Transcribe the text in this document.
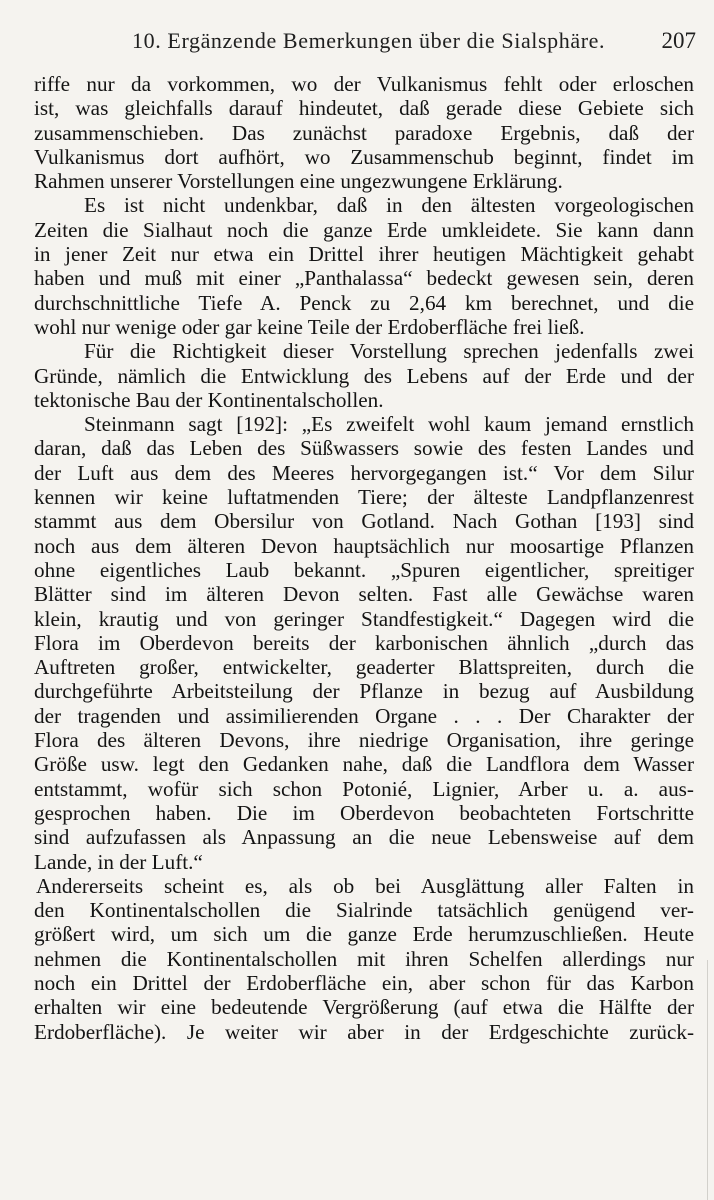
10. Ergänzende Bemerkungen über die Sialsphäre. 207
riffe nur da vorkommen, wo der Vulkanismus fehlt oder erloschen
ist, was gleichfalls darauf hindeutet, daß gerade diese Gebiete sich
zusammenschieben. Das zunächst paradoxe Ergebnis, daß der
Vulkanismus dort aufhört, wo Zusammenschub beginnt, findet im
Rahmen unserer Vorstellungen eine ungezwungene Erklärung.
Es ist nicht undenkbar, daß in den ältesten vorgeologischen
Zeiten die Sialhaut noch die ganze Erde umkleidete. Sie kann dann
in jener Zeit nur etwa ein Drittel ihrer heutigen Mächtigkeit gehabt
haben und muß mit einer „Panthalassa“ bedeckt gewesen sein, deren
durchschnittliche Tiefe A. Penck zu 2,64 km berechnet, und die
wohl nur wenige oder gar keine Teile der Erdoberfläche frei ließ.
Für die Richtigkeit dieser Vorstellung sprechen jedenfalls zwei
Gründe, nämlich die Entwicklung des Lebens auf der Erde und der
tektonische Bau der Kontinentalschollen.
Steinmann sagt [192]: „Es zweifelt wohl kaum jemand ernstlich
daran, daß das Leben des Süßwassers sowie des festen Landes und
der Luft aus dem des Meeres hervorgegangen ist.“ Vor dem Silur
kennen wir keine luftatmenden Tiere; der älteste Landpflanzenrest
stammt aus dem Obersilur von Gotland. Nach Gothan [193] sind
noch aus dem älteren Devon hauptsächlich nur moosartige Pflanzen
ohne eigentliches Laub bekannt. „Spuren eigentlicher, spreitiger
Blätter sind im älteren Devon selten. Fast alle Gewächse waren
klein, krautig und von geringer Standfestigkeit.“ Dagegen wird die
Flora im Oberdevon bereits der karbonischen ähnlich „durch das
Auftreten großer, entwickelter, geaderter Blattspreiten, durch die
durchgeführte Arbeitsteilung der Pflanze in bezug auf Ausbildung
der tragenden und assimilierenden Organe . . . Der Charakter der
Flora des älteren Devons, ihre niedrige Organisation, ihre geringe
Größe usw. legt den Gedanken nahe, daß die Landflora dem Wasser
entstammt, wofür sich schon Potonié, Lignier, Arber u. a. aus-
gesprochen haben. Die im Oberdevon beobachteten Fortschritte
sind aufzufassen als Anpassung an die neue Lebensweise auf dem
Lande, in der Luft.“
Andererseits scheint es, als ob bei Ausglättung aller Falten in
den Kontinentalschollen die Sialrinde tatsächlich genügend ver-
größert wird, um sich um die ganze Erde herumzuschließen. Heute
nehmen die Kontinentalschollen mit ihren Schelfen allerdings nur
noch ein Drittel der Erdoberfläche ein, aber schon für das Karbon
erhalten wir eine bedeutende Vergrößerung (auf etwa die Hälfte der
Erdoberfläche). Je weiter wir aber in der Erdgeschichte zurück-
